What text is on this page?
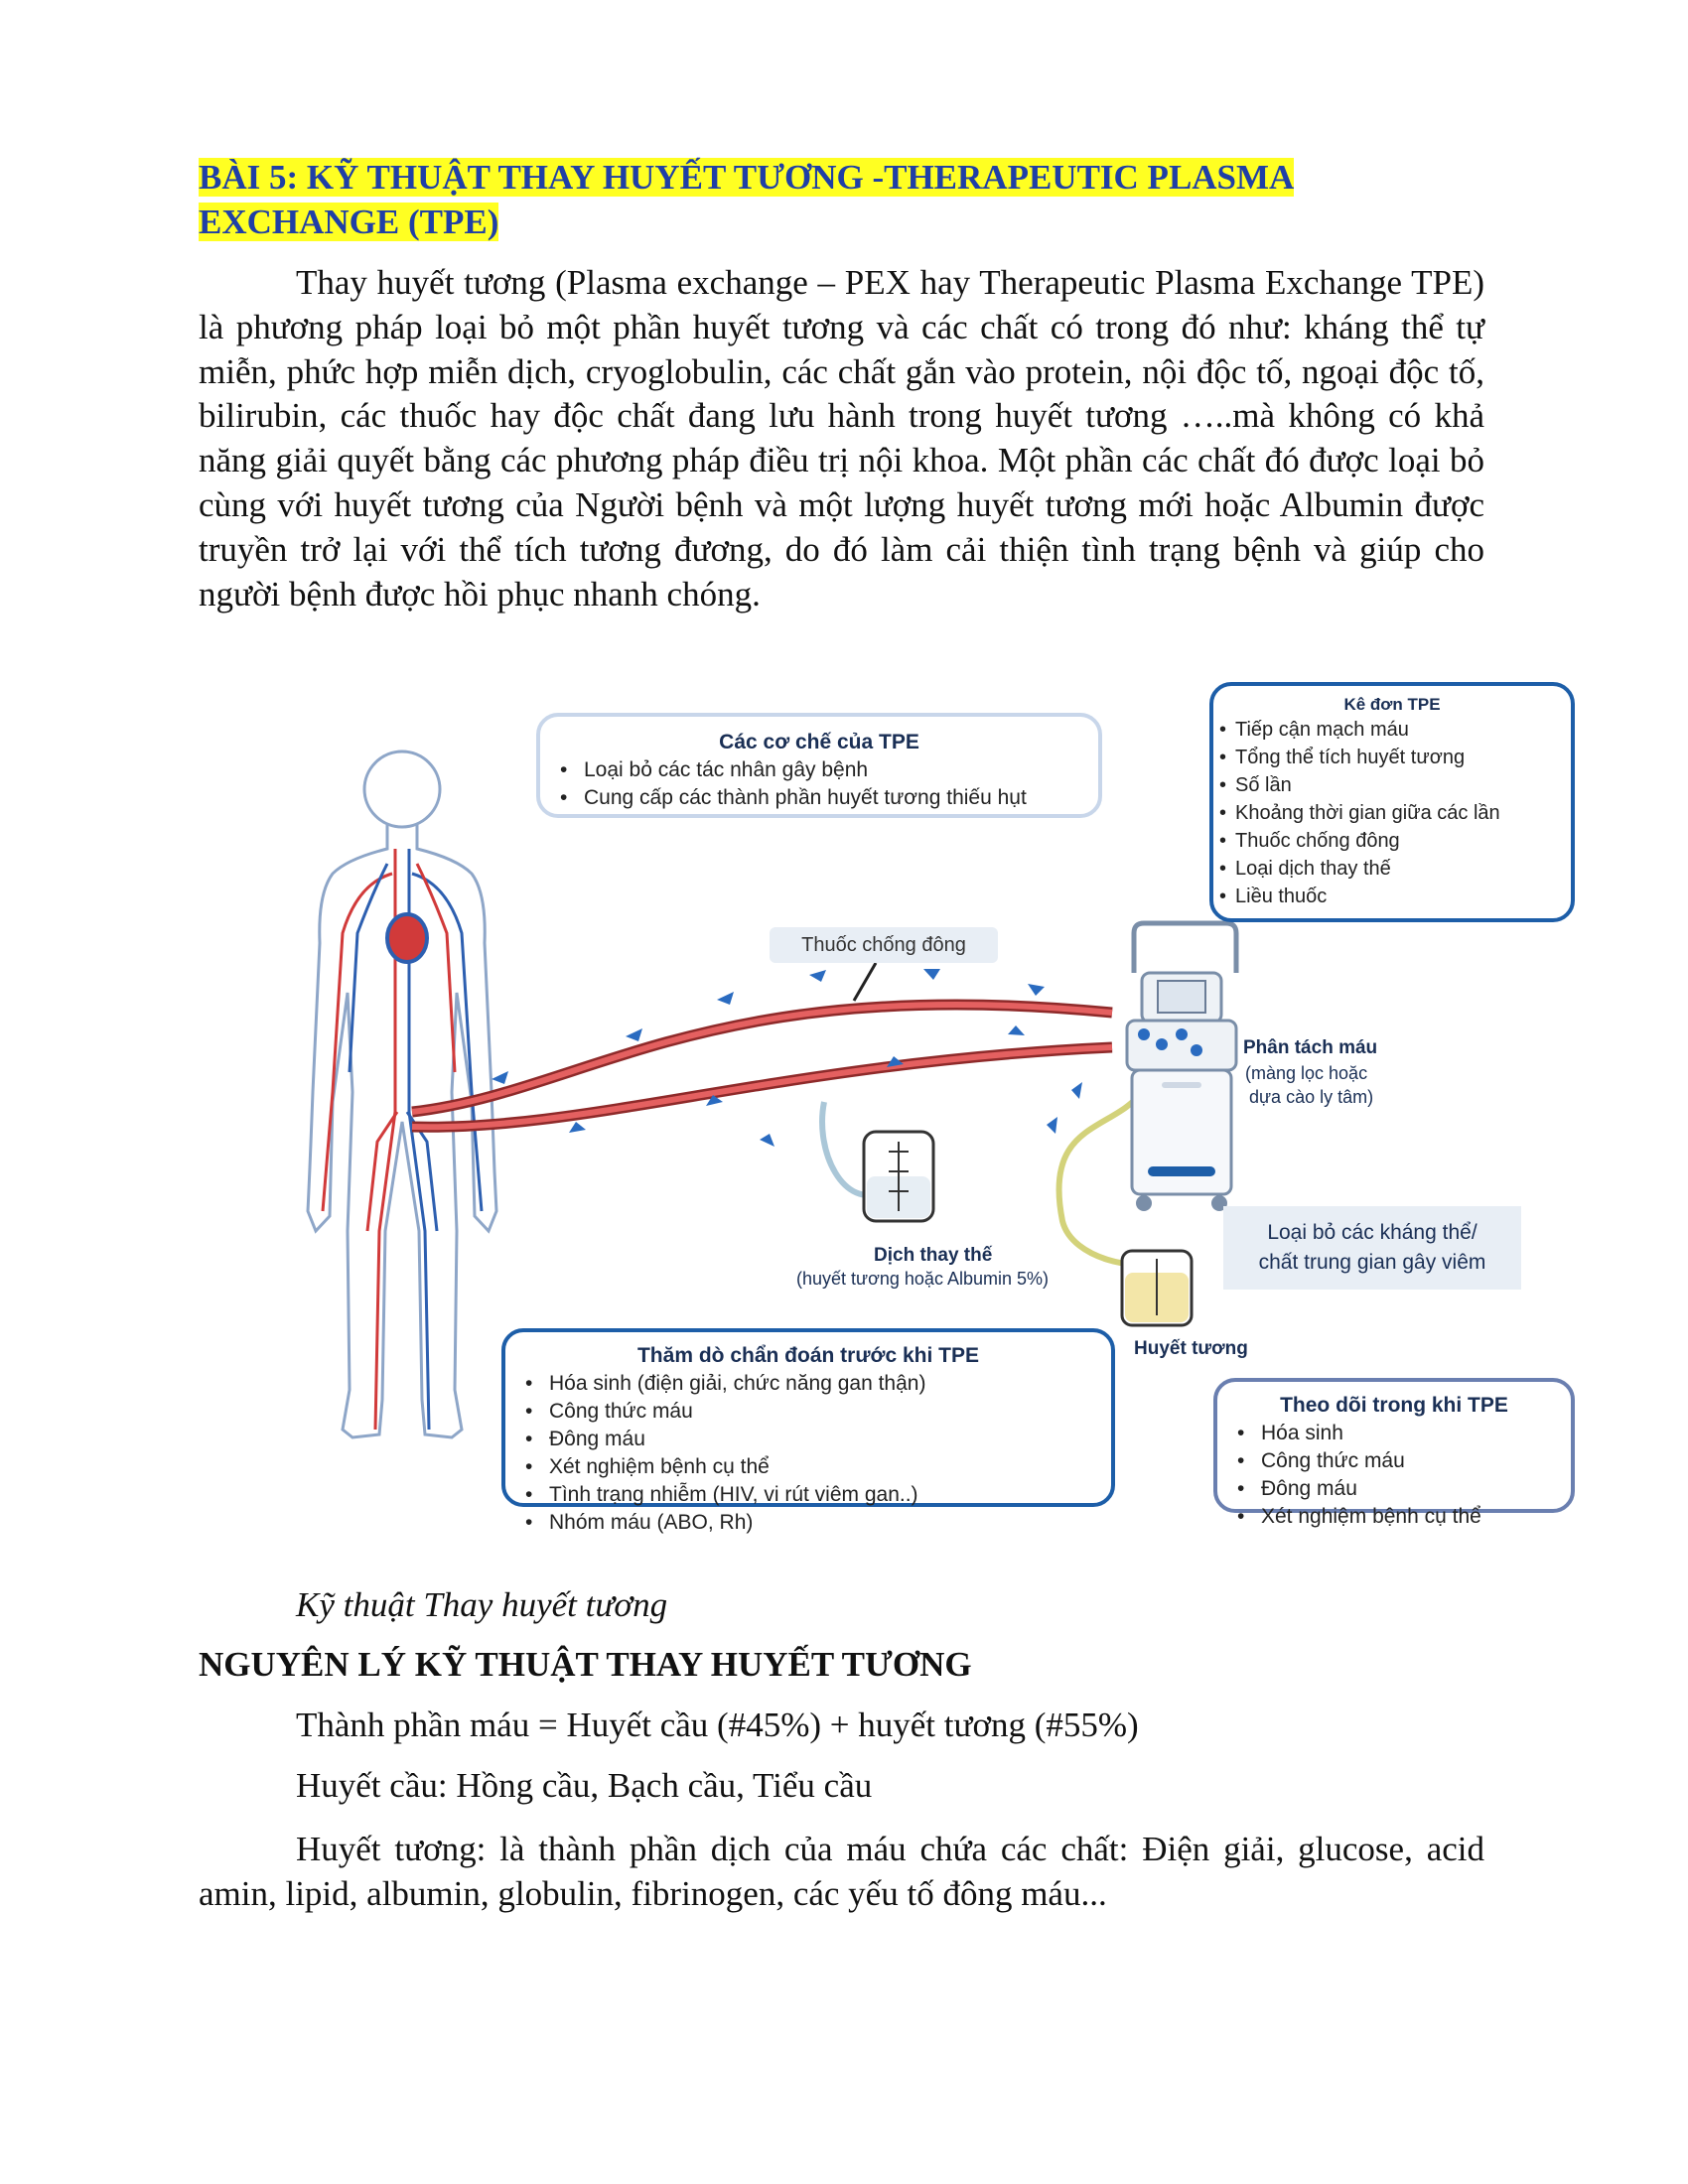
BÀI 5: KỸ THUẬT THAY HUYẾT TƯƠNG -THERAPEUTIC PLASMA EXCHANGE (TPE)

Thay huyết tương (Plasma exchange – PEX hay Therapeutic Plasma Exchange TPE) là phương pháp loại bỏ một phần huyết tương và các chất có trong đó như: kháng thể tự miễn, phức hợp miễn dịch, cryoglobulin, các chất gắn vào protein, nội độc tố, ngoại độc tố, bilirubin, các thuốc hay độc chất đang lưu hành trong huyết tương …..mà không có khả năng giải quyết bằng các phương pháp điều trị nội khoa. Một phần các chất đó được loại bỏ cùng với huyết tương của Người bệnh và một lượng huyết tương mới hoặc Albumin được truyền trở lại với thể tích tương đương, do đó làm cải thiện tình trạng bệnh và giúp cho người bệnh được hồi phục nhanh chóng.

Các cơ chế của TPE
• Loại bỏ các tác nhân gây bệnh
• Cung cấp các thành phần huyết tương thiếu hụt
Kê đơn TPE
• Tiếp cận mạch máu
• Tổng thể tích huyết tương
• Số lần
• Khoảng thời gian giữa các lần
• Thuốc chống đông
• Loại dịch thay thế
• Liều thuốc
Thuốc chống đông
Phân tách máu
(màng lọc hoặc
dựa cào ly tâm)
Dịch thay thế
(huyết tương hoặc Albumin 5%)
Loại bỏ các kháng thể/
chất trung gian gây viêm
Huyết tương
Thăm dò chẩn đoán trước khi TPE
• Hóa sinh (điện giải, chức năng gan thận)
• Công thức máu
• Đông máu
• Xét nghiệm bệnh cụ thể
• Tình trạng nhiễm (HIV, vi rút viêm gan..)
• Nhóm máu (ABO, Rh)
Theo dõi trong khi TPE
• Hóa sinh
• Công thức máu
• Đông máu
• Xét nghiệm bệnh cụ thể
Kỹ thuật Thay huyết tương
NGUYÊN LÝ KỸ THUẬT THAY HUYẾT TƯƠNG
Thành phần máu = Huyết cầu (#45%) + huyết tương (#55%)
Huyết cầu: Hồng cầu, Bạch cầu, Tiểu cầu

Huyết tương: là thành phần dịch của máu chứa các chất: Điện giải, glucose, acid amin, lipid, albumin, globulin, fibrinogen, các yếu tố đông máu...
